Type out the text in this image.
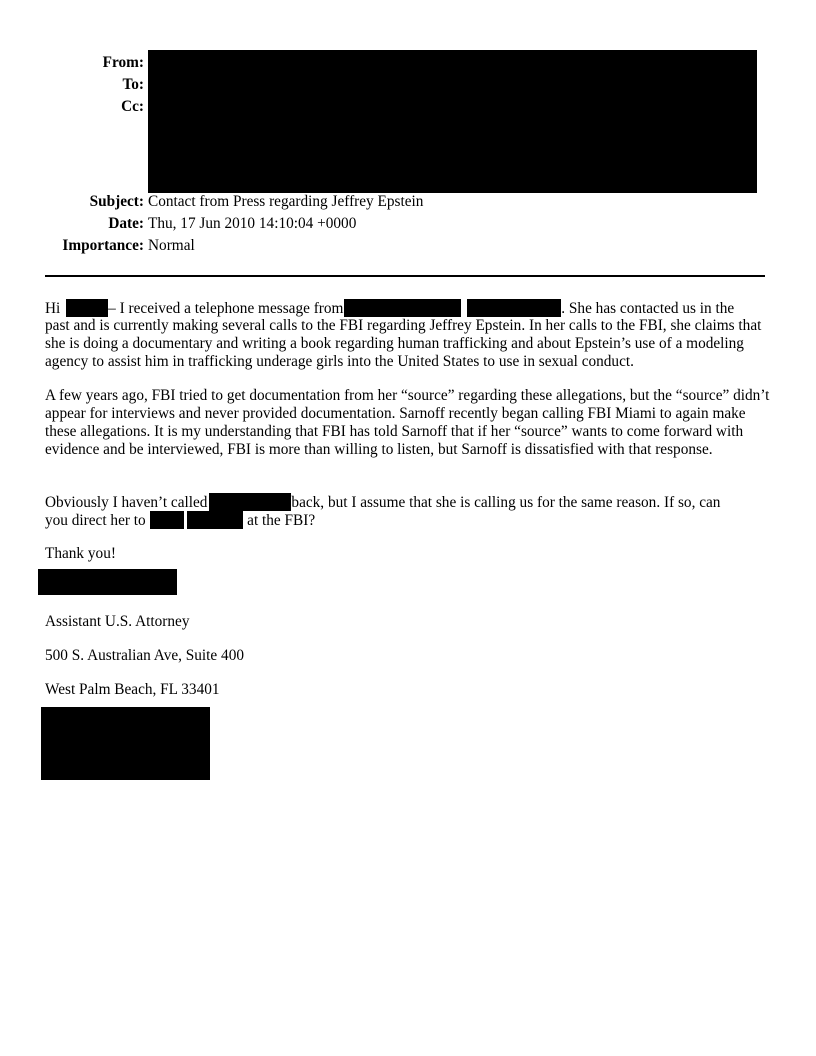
From:
To:
Cc:
Subject: Contact from Press regarding Jeffrey Epstein
Date: Thu, 17 Jun 2010 14:10:04 +0000
Importance: Normal
Hi	– I received a telephone message from	. She has contacted us in the
past and is currently making several calls to the FBI regarding Jeffrey Epstein. In her calls to the FBI, she claims that she is doing a documentary and writing a book regarding human trafficking and about Epstein’s use of a modeling agency to assist him in trafficking underage girls into the United States to use in sexual conduct.
A few years ago, FBI tried to get documentation from her “source” regarding these allegations, but the “source” didn’t appear for interviews and never provided documentation. Sarnoff recently began calling FBI Miami to again make these allegations. It is my understanding that FBI has told Sarnoff that if her “source” wants to come forward with evidence and be interviewed, FBI is more than willing to listen, but Sarnoff is dissatisfied with that response.
Obviously I haven’t called	back, but I assume that she is calling us for the same reason. If so, can
you direct her to	at the FBI?
Thank you!
Assistant U.S. Attorney
500 S. Australian Ave, Suite 400
West Palm Beach, FL 33401
